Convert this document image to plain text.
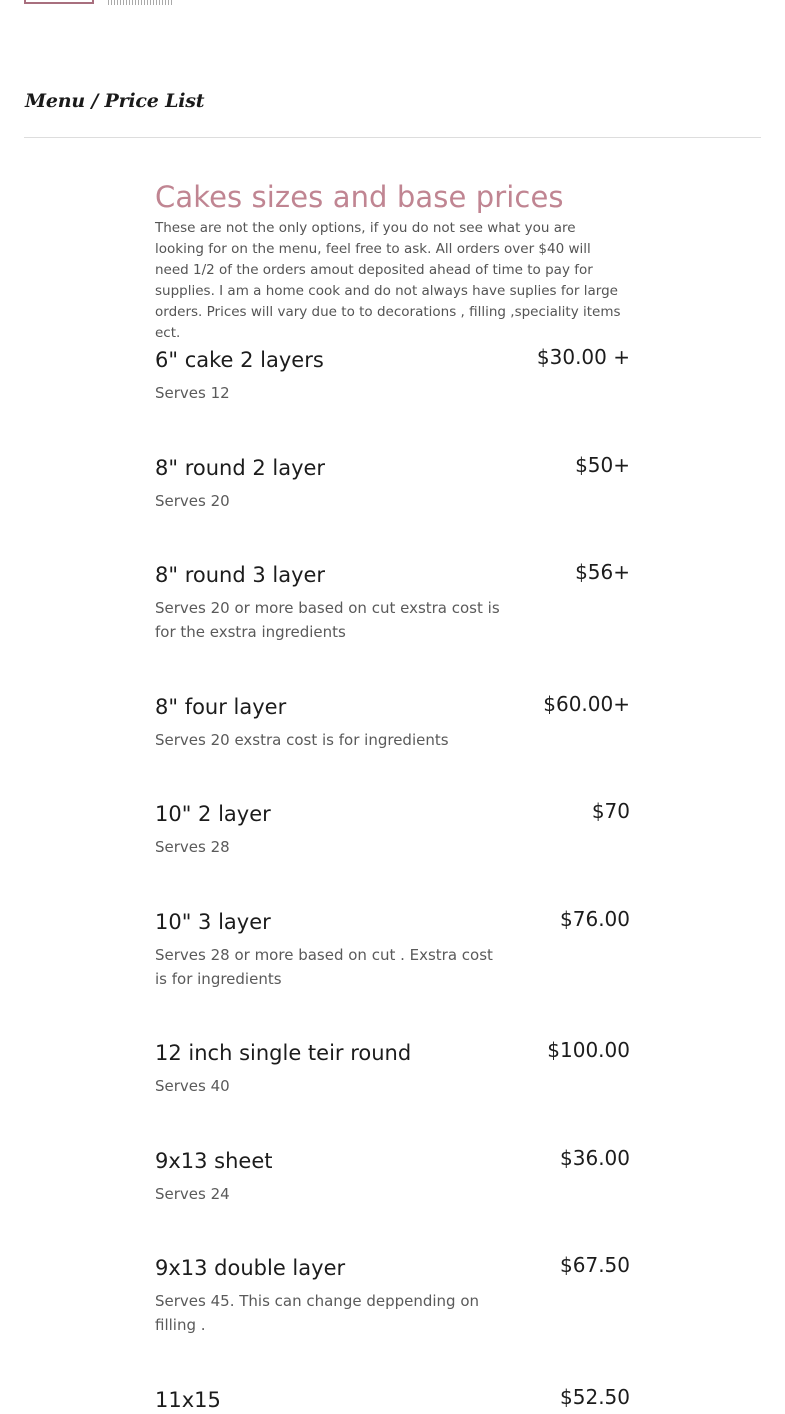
Menu / Price List
Cakes sizes and base prices

These are not the only options, if you do not see what you are looking for on the menu, feel free to ask. All orders over $40 will need 1/2 of the orders amout deposited ahead of time to pay for supplies. I am a home cook and do not always have suplies for large orders. Prices will vary due to to decorations , filling ,speciality items ect.

6" cake 2 layers	$30.00 +
Serves 12
8" round 2 layer	$50+
Serves 20
8" round 3 layer	$56+
Serves 20 or more based on cut exstra cost is for the exstra ingredients
8" four layer	$60.00+
Serves 20 exstra cost is for ingredients
10" 2 layer	$70
Serves 28
10" 3 layer	$76.00
Serves 28 or more based on cut . Exstra cost is for ingredients
12 inch single teir round	$100.00
Serves 40
9x13 sheet	$36.00
Serves 24
9x13 double layer	$67.50
Serves 45. This can change deppending on filling .
11x15	$52.50
